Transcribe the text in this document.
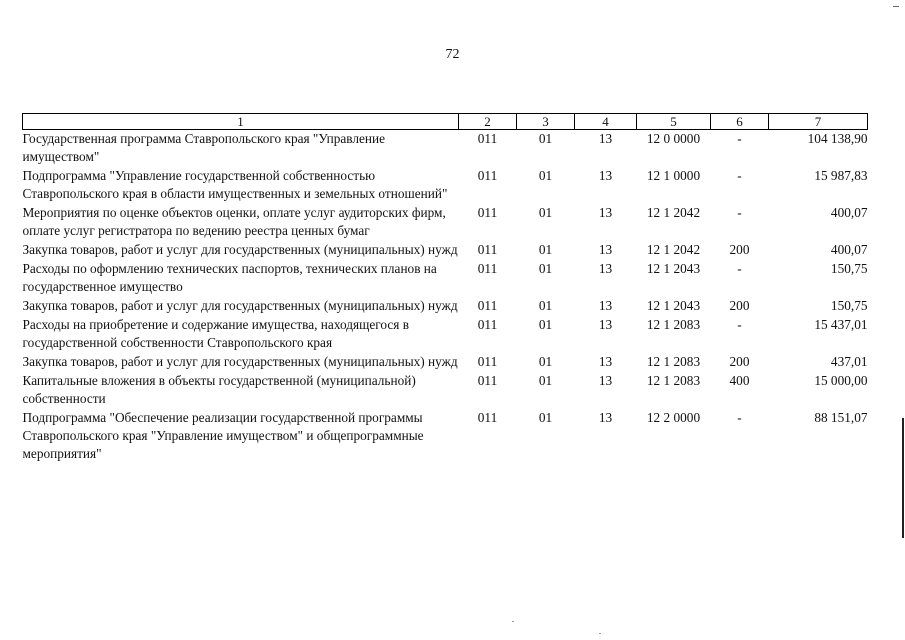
72
1	2	3	4	5	6	7
Государственная программа Ставропольского края "Управление имуществом"	011	01	13	12 0 0000	-	104 138,90
Подпрограмма "Управление государственной собственностью Ставропольского края в области имущественных и земельных отношений"	011	01	13	12 1 0000	-	15 987,83
Мероприятия по оценке объектов оценки, оплате услуг аудиторских фирм, оплате услуг регистратора по ведению реестра ценных бумаг	011	01	13	12 1 2042	-	400,07
Закупка товаров, работ и услуг для государственных (муниципальных) нужд	011	01	13	12 1 2042	200	400,07
Расходы по оформлению технических паспортов, технических планов на государственное имущество	011	01	13	12 1 2043	-	150,75
Закупка товаров, работ и услуг для государственных (муниципальных) нужд	011	01	13	12 1 2043	200	150,75
Расходы на приобретение и содержание имущества, находящегося в государственной собственности Ставропольского края	011	01	13	12 1 2083	-	15 437,01
Закупка товаров, работ и услуг для государственных (муниципальных) нужд	011	01	13	12 1 2083	200	437,01
Капитальные вложения в объекты государственной (муниципальной) собственности	011	01	13	12 1 2083	400	15 000,00
Подпрограмма "Обеспечение реализации государственной программы Ставропольского края "Управление имуществом" и общепрограммные мероприятия"	011	01	13	12 2 0000	-	88 151,07
